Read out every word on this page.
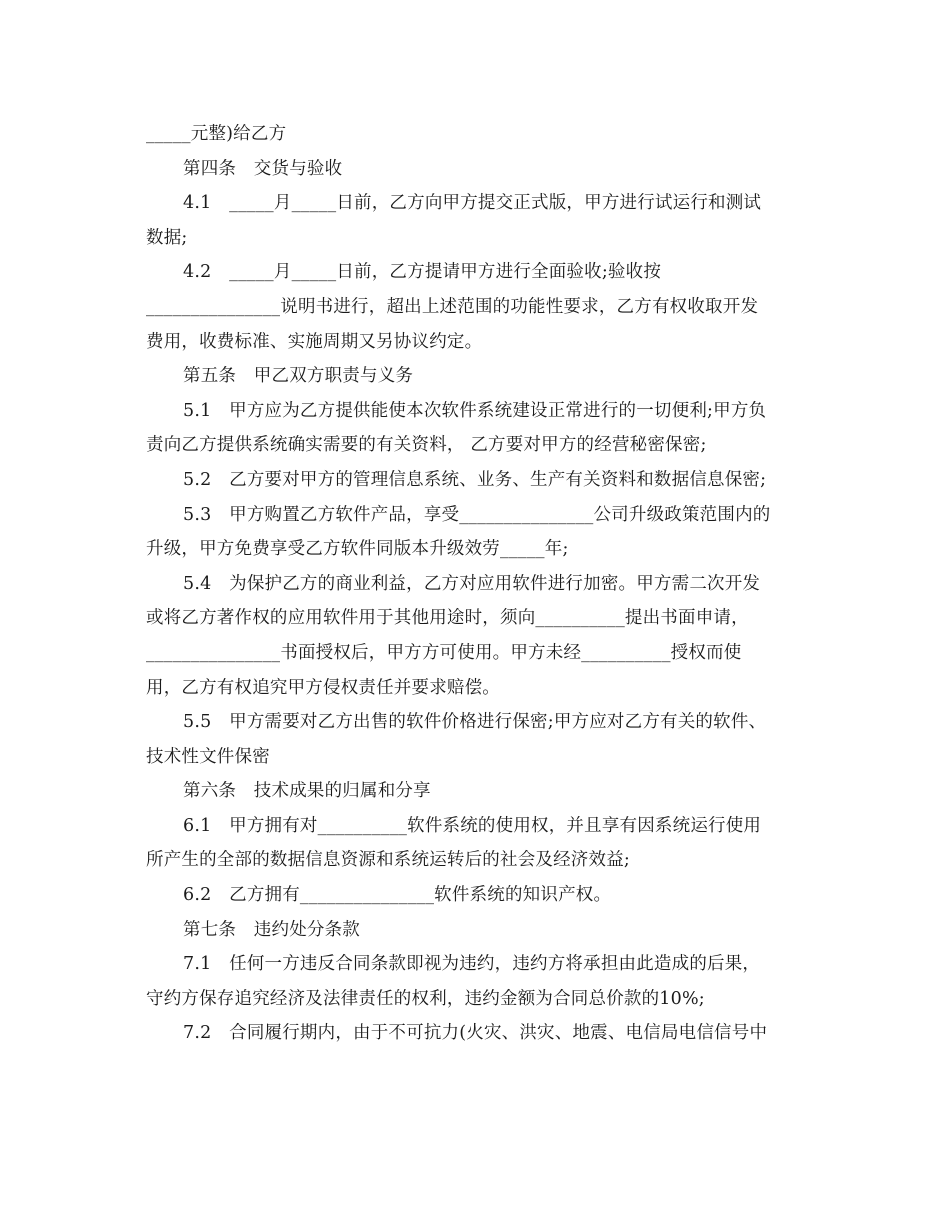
_____元整)给乙方
第四条　交货与验收
4.1　_____月_____日前，乙方向甲方提交正式版，甲方进行试运行和测试
数据;
4.2　_____月_____日前，乙方提请甲方进行全面验收;验收按
_______________说明书进行，超出上述范围的功能性要求，乙方有权收取开发
费用，收费标准、实施周期又另协议约定。
第五条　甲乙双方职责与义务
5.1　甲方应为乙方提供能使本次软件系统建设正常进行的一切便利;甲方负
责向乙方提供系统确实需要的有关资料， 乙方要对甲方的经营秘密保密;
5.2　乙方要对甲方的管理信息系统、业务、生产有关资料和数据信息保密;
5.3　甲方购置乙方软件产品，享受_______________公司升级政策范围内的
升级，甲方免费享受乙方软件同版本升级效劳_____年;
5.4　为保护乙方的商业利益，乙方对应用软件进行加密。甲方需二次开发
或将乙方著作权的应用软件用于其他用途时，须向__________提出书面申请，
_______________书面授权后，甲方方可使用。甲方未经__________授权而使
用，乙方有权追究甲方侵权责任并要求赔偿。
5.5　甲方需要对乙方出售的软件价格进行保密;甲方应对乙方有关的软件、
技术性文件保密
第六条　技术成果的归属和分享
6.1　甲方拥有对__________软件系统的使用权，并且享有因系统运行使用
所产生的全部的数据信息资源和系统运转后的社会及经济效益;
6.2　乙方拥有_______________软件系统的知识产权。
第七条　违约处分条款
7.1　任何一方违反合同条款即视为违约，违约方将承担由此造成的后果，
守约方保存追究经济及法律责任的权利，违约金额为合同总价款的10%;
7.2　合同履行期内，由于不可抗力(火灾、洪灾、地震、电信局电信信号中
